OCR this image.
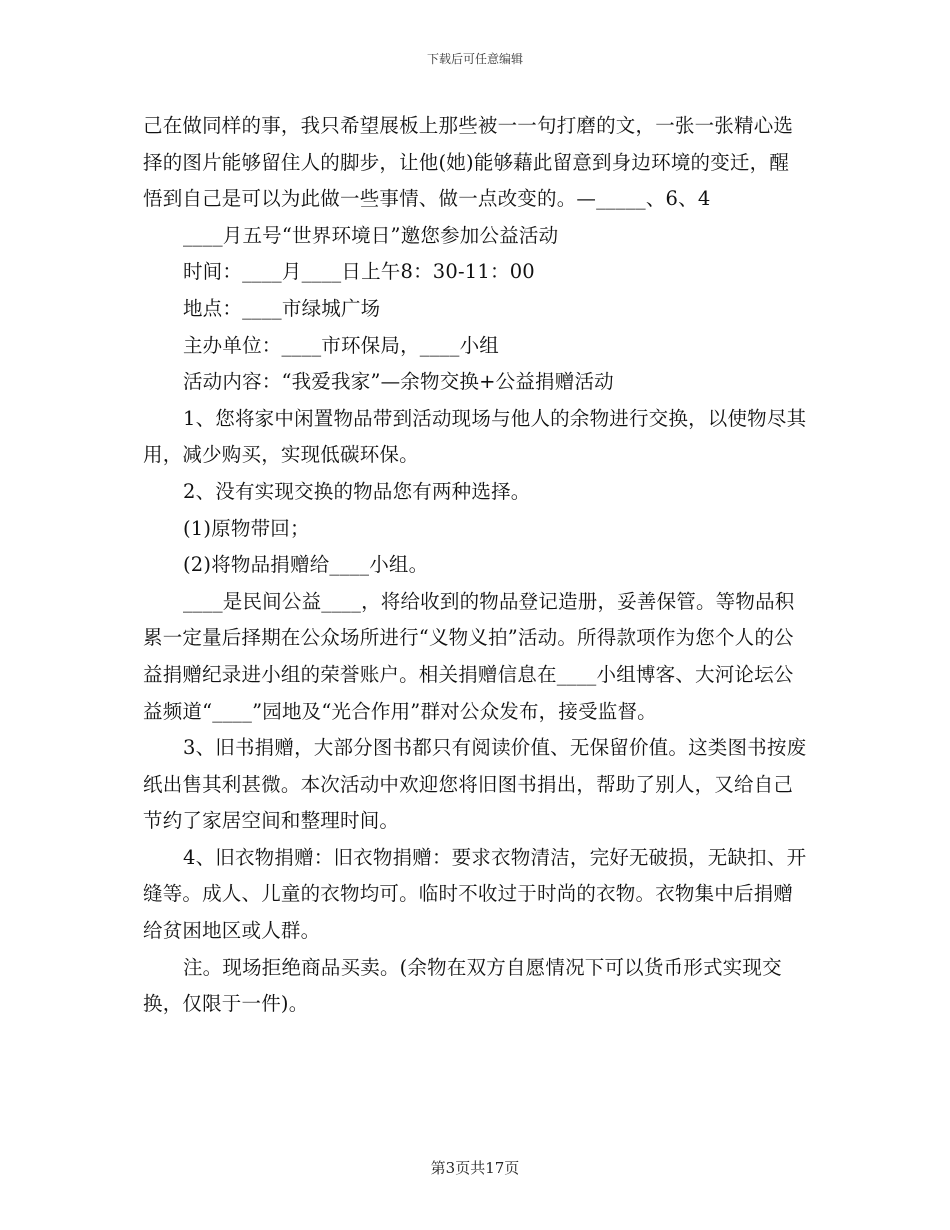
下载后可任意编辑

己在做同样的事，我只希望展板上那些被一一句打磨的文，一张一张精心选择的图片能够留住人的脚步，让他(她)能够藉此留意到身边环境的变迁，醒悟到自己是可以为此做一些事情、做一点改变的。—_____、6、4

____月五号“世界环境日”邀您参加公益活动

时间：____月____日上午8：30-11：00

地点：____市绿城广场

主办单位：____市环保局，____小组

活动内容：“我爱我家”—余物交换+公益捐赠活动

1、您将家中闲置物品带到活动现场与他人的余物进行交换，以使物尽其用，减少购买，实现低碳环保。

2、没有实现交换的物品您有两种选择。

(1)原物带回；

(2)将物品捐赠给____小组。

____是民间公益____，将给收到的物品登记造册，妥善保管。等物品积累一定量后择期在公众场所进行“义物义拍”活动。所得款项作为您个人的公益捐赠纪录进小组的荣誉账户。相关捐赠信息在____小组博客、大河论坛公益频道“____”园地及“光合作用”群对公众发布，接受监督。

3、旧书捐赠，大部分图书都只有阅读价值、无保留价值。这类图书按废纸出售其利甚微。本次活动中欢迎您将旧图书捐出，帮助了别人，又给自己节约了家居空间和整理时间。

4、旧衣物捐赠：旧衣物捐赠：要求衣物清洁，完好无破损，无缺扣、开缝等。成人、儿童的衣物均可。临时不收过于时尚的衣物。衣物集中后捐赠给贫困地区或人群。

注。现场拒绝商品买卖。(余物在双方自愿情况下可以货币形式实现交换，仅限于一件)。

第3页共17页
